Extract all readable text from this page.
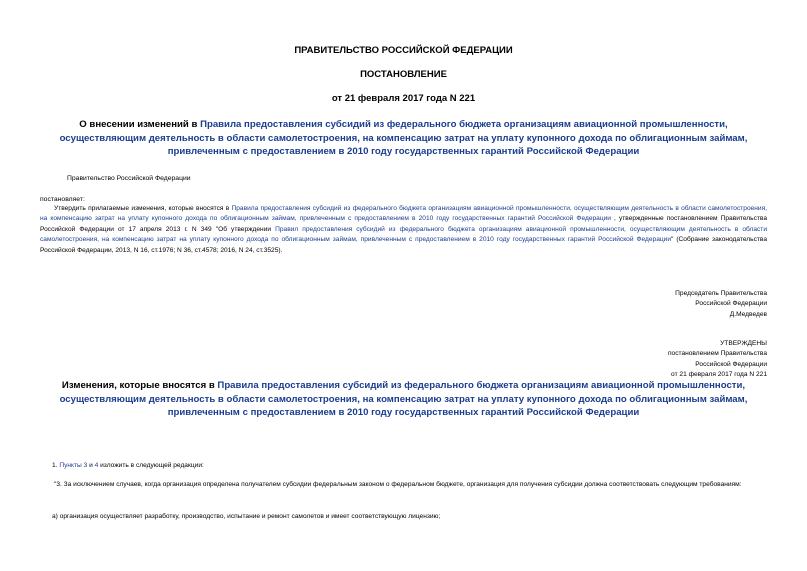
ПРАВИТЕЛЬСТВО РОССИЙСКОЙ ФЕДЕРАЦИИ
ПОСТАНОВЛЕНИЕ
от 21 февраля 2017 года N 221
О внесении изменений в Правила предоставления субсидий из федерального бюджета организациям авиационной промышленности, осуществляющим деятельность в области самолетостроения, на компенсацию затрат на уплату купонного дохода по облигационным займам, привлеченным с предоставлением в 2010 году государственных гарантий Российской Федерации
Правительство Российской Федерации
постановляет:
Утвердить прилагаемые изменения, которые вносятся в Правила предоставления субсидий из федерального бюджета организациям авиационной промышленности, осуществляющим деятельность в области самолетостроения, на компенсацию затрат на уплату купонного дохода по облигационным займам, привлеченным с предоставлением в 2010 году государственных гарантий Российской Федерации , утвержденные постановлением Правительства Российской Федерации от 17 апреля 2013 г. N 349 "Об утверждении Правил предоставления субсидий из федерального бюджета организациям авиационной промышленности, осуществляющим деятельность в области самолетостроения, на компенсацию затрат на уплату купонного дохода по облигационным займам, привлеченным с предоставлением в 2010 году государственных гарантий Российской Федерации" (Собрание законодательства Российской Федерации, 2013, N 16, ст.1976; N 36, ст.4578; 2016, N 24, ст.3525).
Председатель Правительства
Российской Федерации
Д.Медведев
УТВЕРЖДЕНЫ
постановлением Правительства
Российской Федерации
от 21 февраля 2017 года N 221
Изменения, которые вносятся в Правила предоставления субсидий из федерального бюджета организациям авиационной промышленности, осуществляющим деятельность в области самолетостроения, на компенсацию затрат на уплату купонного дохода по облигационным займам, привлеченным с предоставлением в 2010 году государственных гарантий Российской Федерации
1. Пункты 3 и 4 изложить в следующей редакции:
"3. За исключением случаев, когда организация определена получателем субсидии федеральным законом о федеральном бюджете, организация для получения субсидии должна соответствовать следующим требованиям:
а) организация осуществляет разработку, производство, испытание и ремонт самолетов и имеет соответствующую лицензию;
